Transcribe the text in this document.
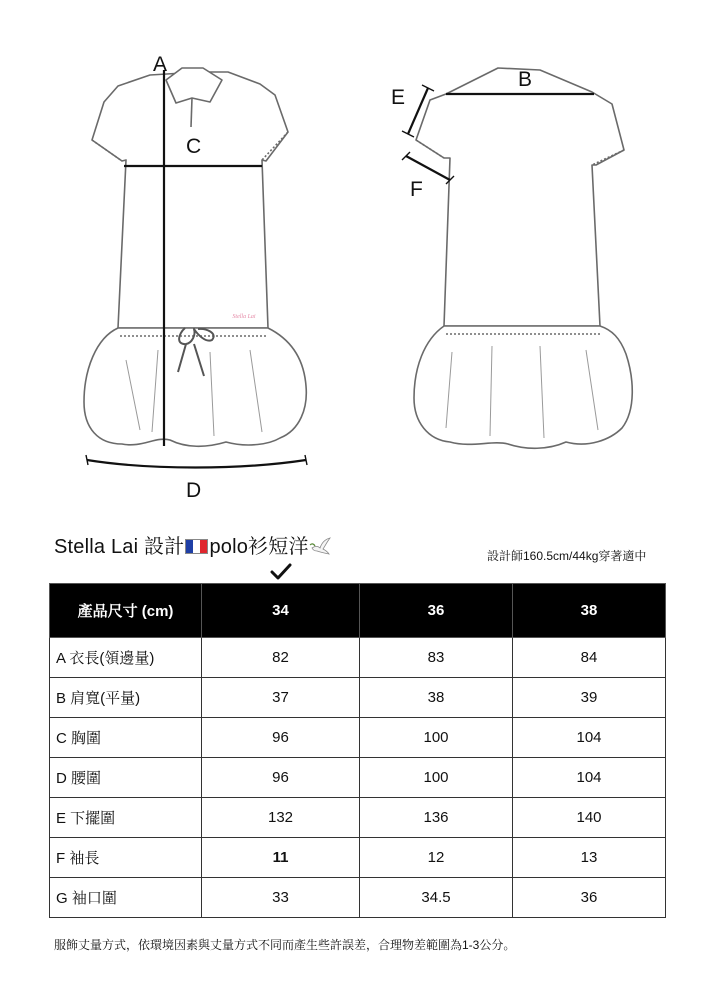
Stella Lai
A
C
D
B
E
F
Stella Lai 設計 polo衫短洋	設計師160.5cm/44kg穿著適中
產品尺寸 (cm)	34	36	38
A 衣長(領邊量)	82	83	84
B 肩寬(平量)	37	38	39
C 胸圍	96	100	104
D 腰圍	96	100	104
E 下擺圍	132	136	140
F 袖長	11	12	13
G 袖口圍	33	34.5	36
服飾丈量方式，依環境因素與丈量方式不同而產生些許誤差，合理物差範圍為1-3公分。
